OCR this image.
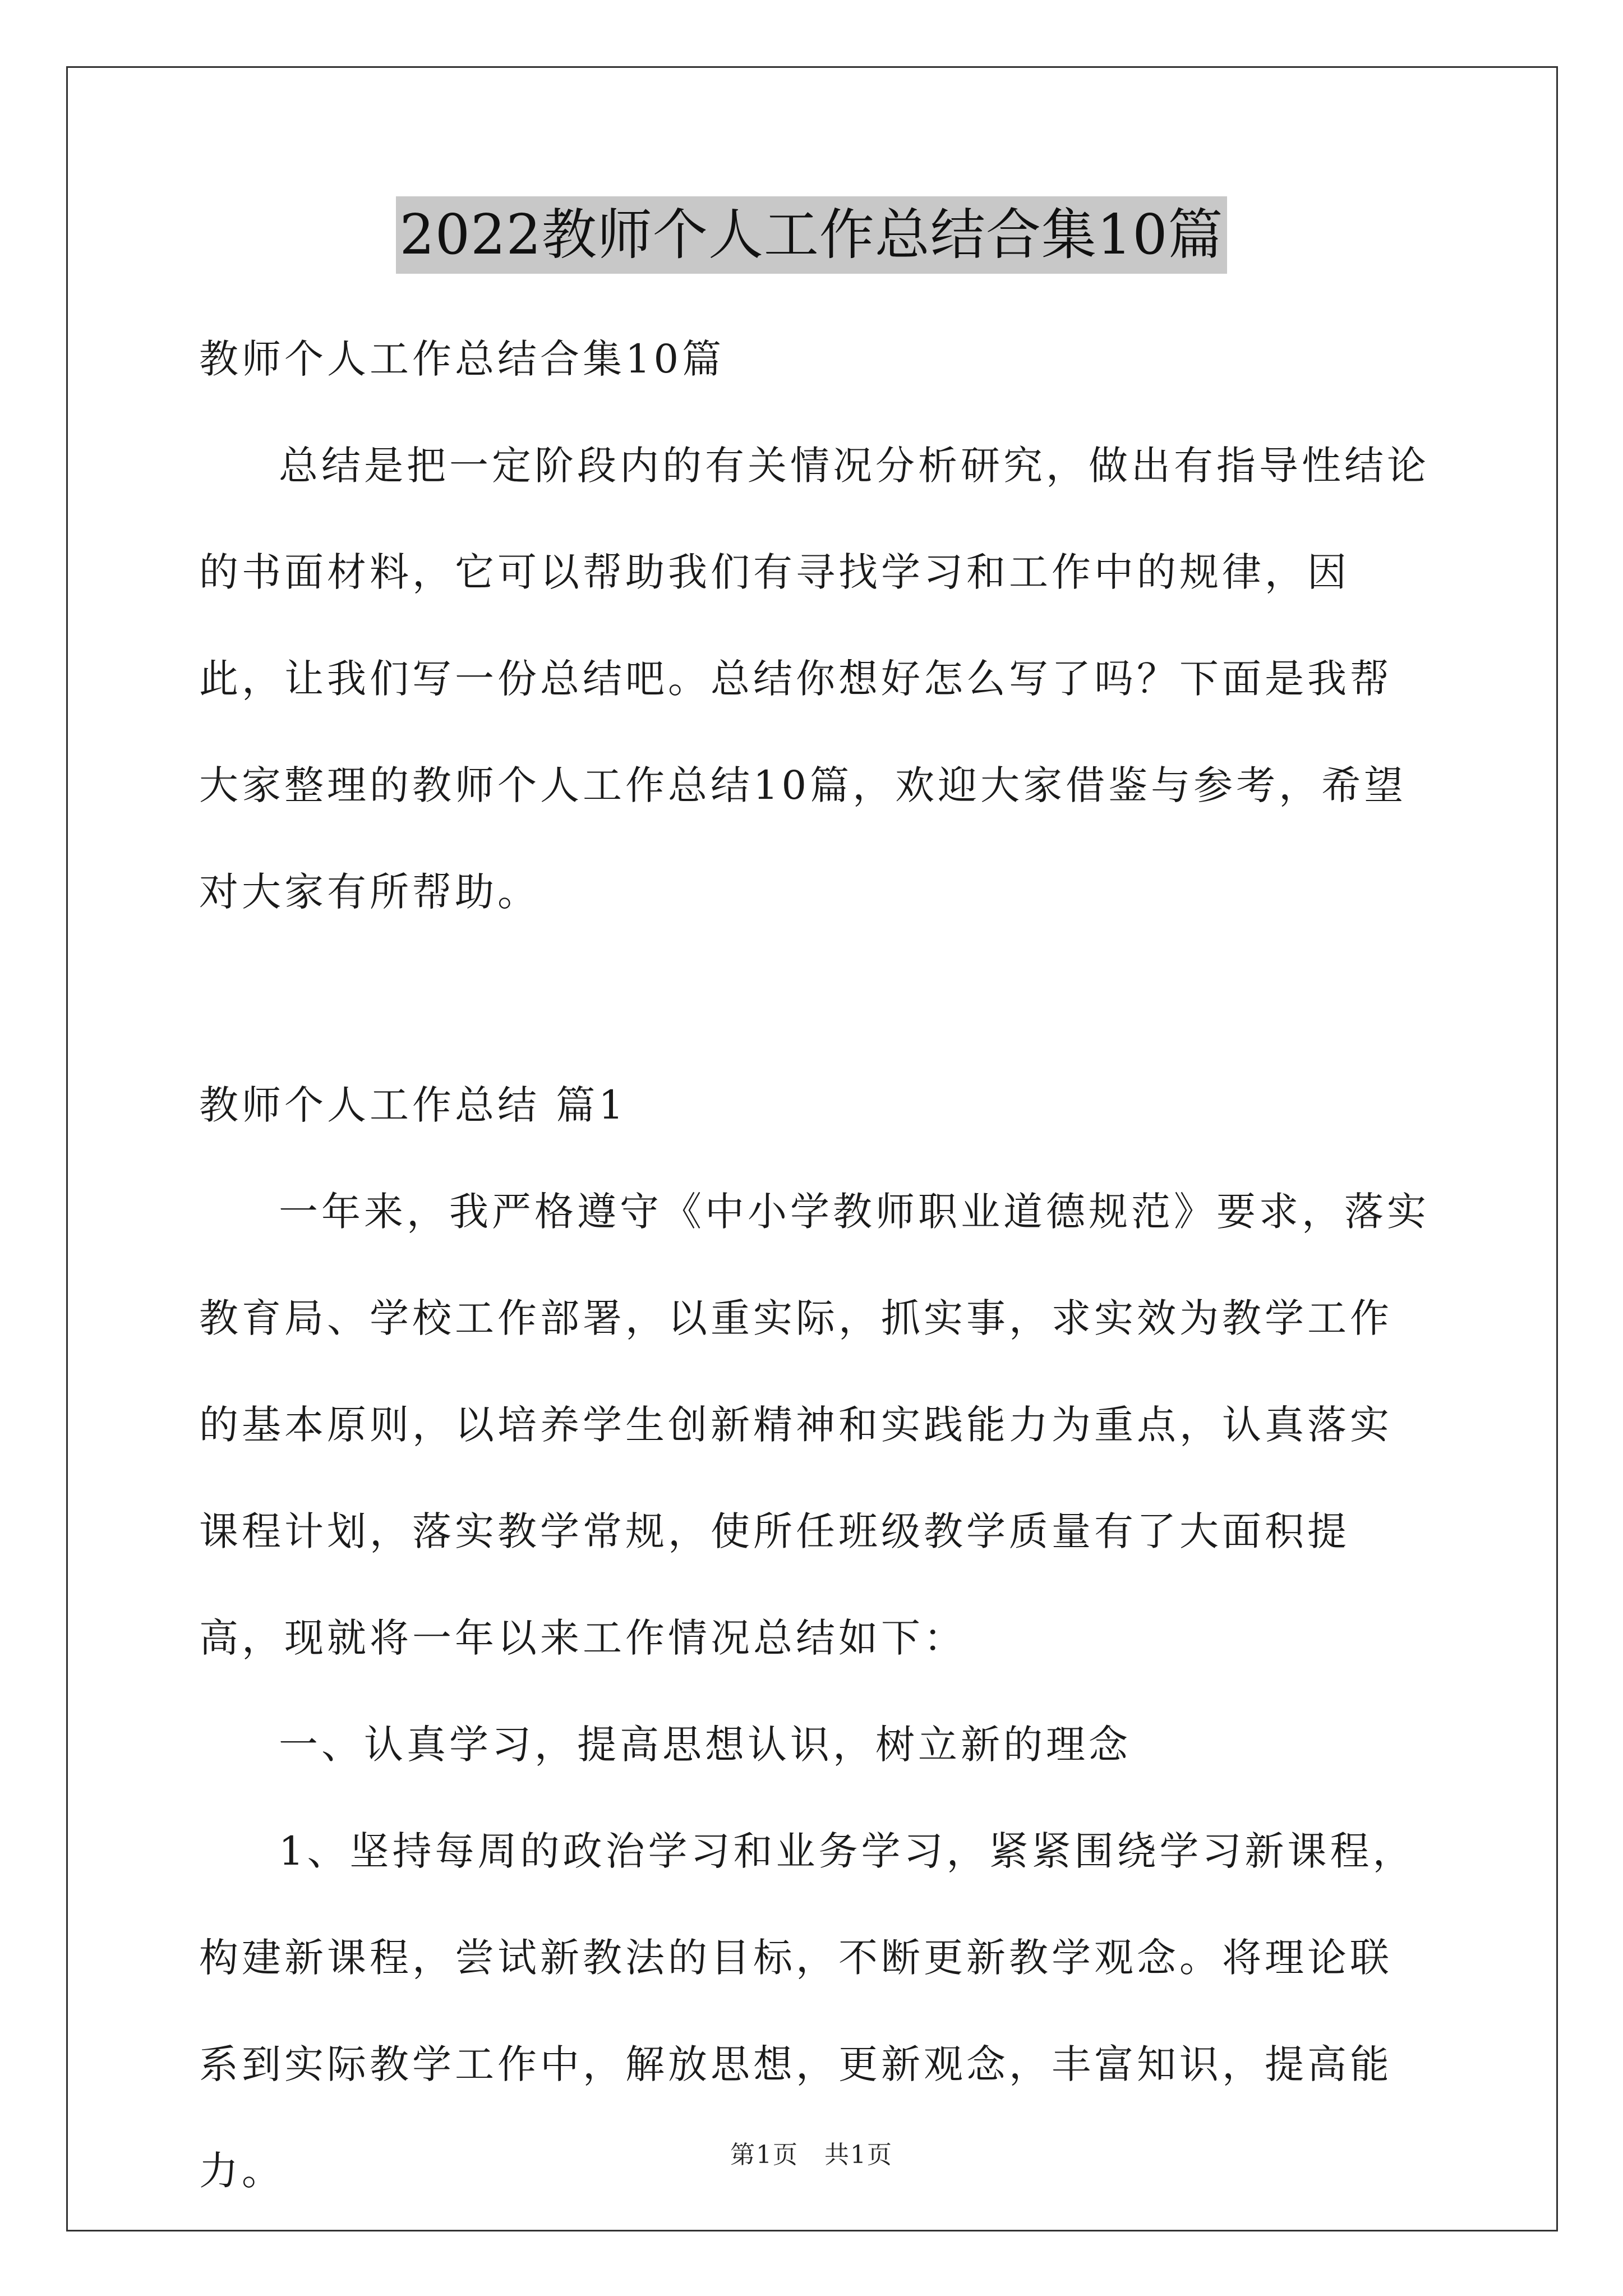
2022教师个人工作总结合集10篇

教师个人工作总结合集10篇

总结是把一定阶段内的有关情况分析研究，做出有指导性结论的书面材料，它可以帮助我们有寻找学习和工作中的规律，因此，让我们写一份总结吧。总结你想好怎么写了吗？下面是我帮大家整理的教师个人工作总结10篇，欢迎大家借鉴与参考，希望对大家有所帮助。

教师个人工作总结 篇1

一年来，我严格遵守《中小学教师职业道德规范》要求，落实教育局、学校工作部署，以重实际，抓实事，求实效为教学工作的基本原则，以培养学生创新精神和实践能力为重点，认真落实课程计划，落实教学常规，使所任班级教学质量有了大面积提高，现就将一年以来工作情况总结如下：

一、认真学习，提高思想认识，树立新的理念

1、坚持每周的政治学习和业务学习，紧紧围绕学习新课程，构建新课程，尝试新教法的目标，不断更新教学观念。将理论联系到实际教学工作中，解放思想，更新观念，丰富知识，提高能力。	第1页　共1页
